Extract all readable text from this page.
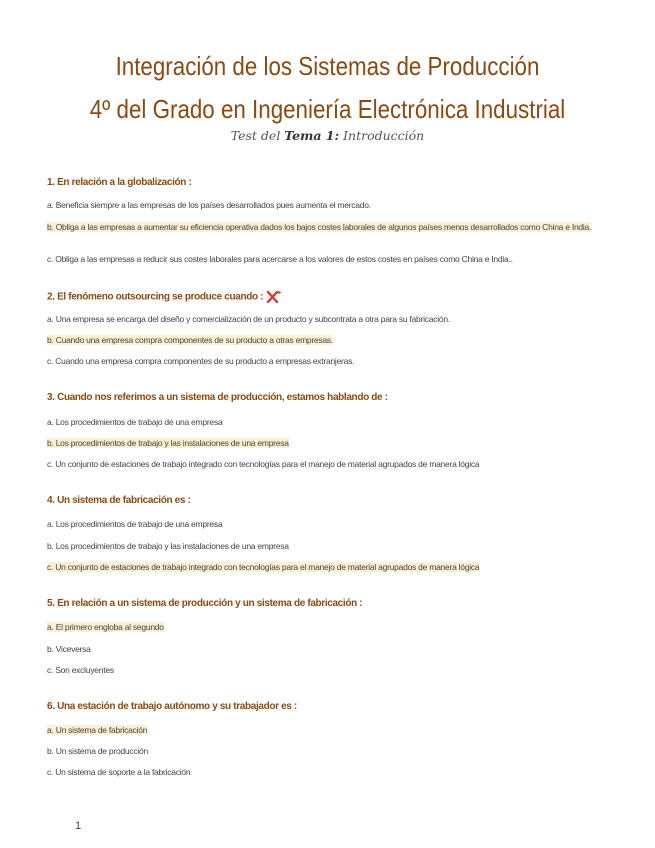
Integración de los Sistemas de Producción
4º del Grado en Ingeniería Electrónica Industrial
Test del Tema 1: Introducción
1. En relación a la globalización :
a. Beneficia siempre a las empresas de los países desarrollados pues aumenta el mercado.
b. Obliga a las empresas a aumentar su eficiencia operativa dados los bajos costes laborales de algunos países menos desarrollados como China e India.
c. Obliga a las empresas a reducir sus costes laborales para acercarse a los valores de estos costes en países como China e India..
2. El fenómeno outsourcing se produce cuando :
a. Una empresa se encarga del diseño y comercialización de un producto y subcontrata a otra para su fabricación.
b. Cuando una empresa compra componentes de su producto a otras empresas.
c. Cuando una empresa compra componentes de su producto a empresas extranjeras.
3. Cuando nos referimos a un sistema de producción, estamos hablando de :
a. Los procedimientos de trabajo de una empresa
b. Los procedimientos de trabajo y las instalaciones de una empresa
c. Un conjunto de estaciones de trabajo integrado con tecnologías para el manejo de material agrupados de manera lógica
4. Un sistema de fabricación es :
a. Los procedimientos de trabajo de una empresa
b. Los procedimientos de trabajo y las instalaciones de una empresa
c. Un conjunto de estaciones de trabajo integrado con tecnologías para el manejo de material agrupados de manera lógica
5. En relación a un sistema de producción y un sistema de fabricación :
a. El primero engloba al segundo
b. Viceversa
c. Son excluyentes
6. Una estación de trabajo autónomo y su trabajador es :
a. Un sistema de fabricación
b. Un sistema de producción
c. Un sistema de soporte a la fabricación
1
